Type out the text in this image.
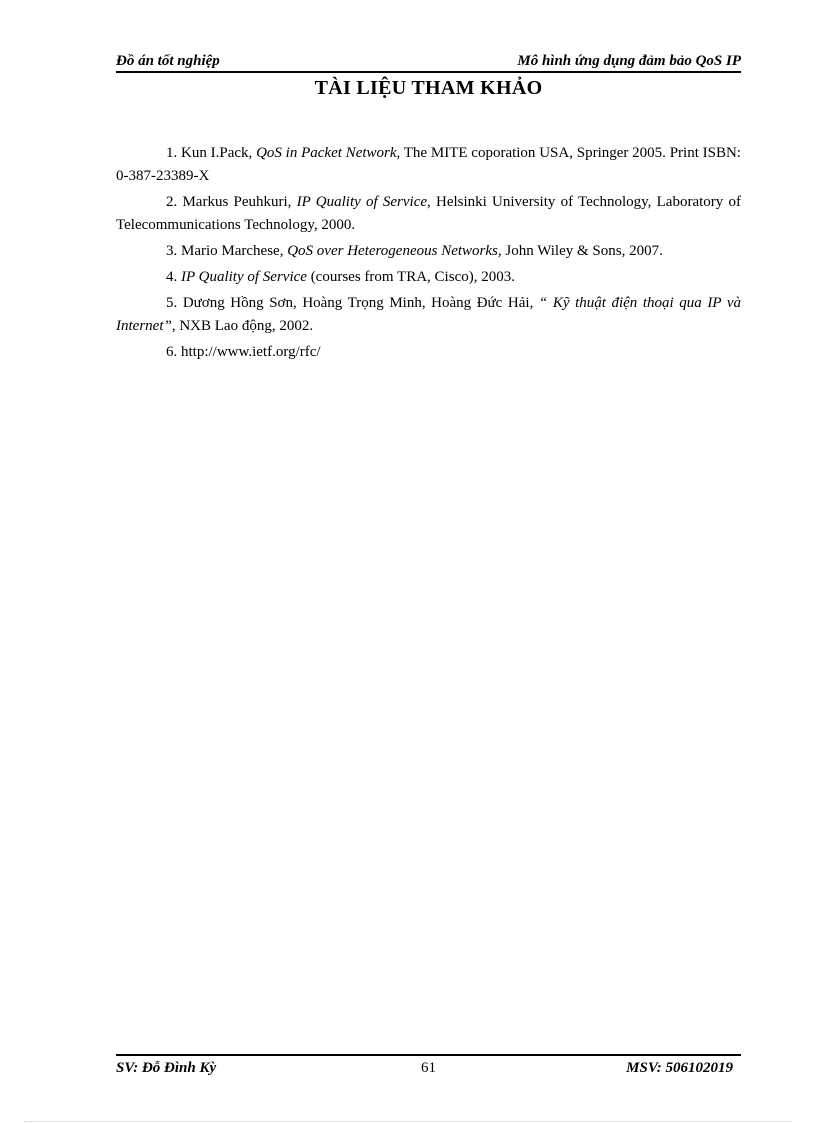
Đồ án tốt nghiệp	Mô hình ứng dụng đảm bảo QoS IP
TÀI LIỆU THAM KHẢO

1. Kun I.Pack, QoS in Packet Network, The MITE coporation USA, Springer 2005. Print ISBN: 0-387-23389-X

2. Markus Peuhkuri, IP Quality of Service, Helsinki University of Technology, Laboratory of Telecommunications Technology, 2000.

3. Mario Marchese, QoS over Heterogeneous Networks, John Wiley & Sons, 2007.

4. IP Quality of Service (courses from TRA, Cisco), 2003.

5. Dương Hồng Sơn, Hoàng Trọng Minh, Hoàng Đức Hải, “ Kỹ thuật điện thoại qua IP và Internet”, NXB Lao động, 2002.

6. http://www.ietf.org/rfc/

SV: Đỗ Đình Kỳ	61	MSV: 506102019
